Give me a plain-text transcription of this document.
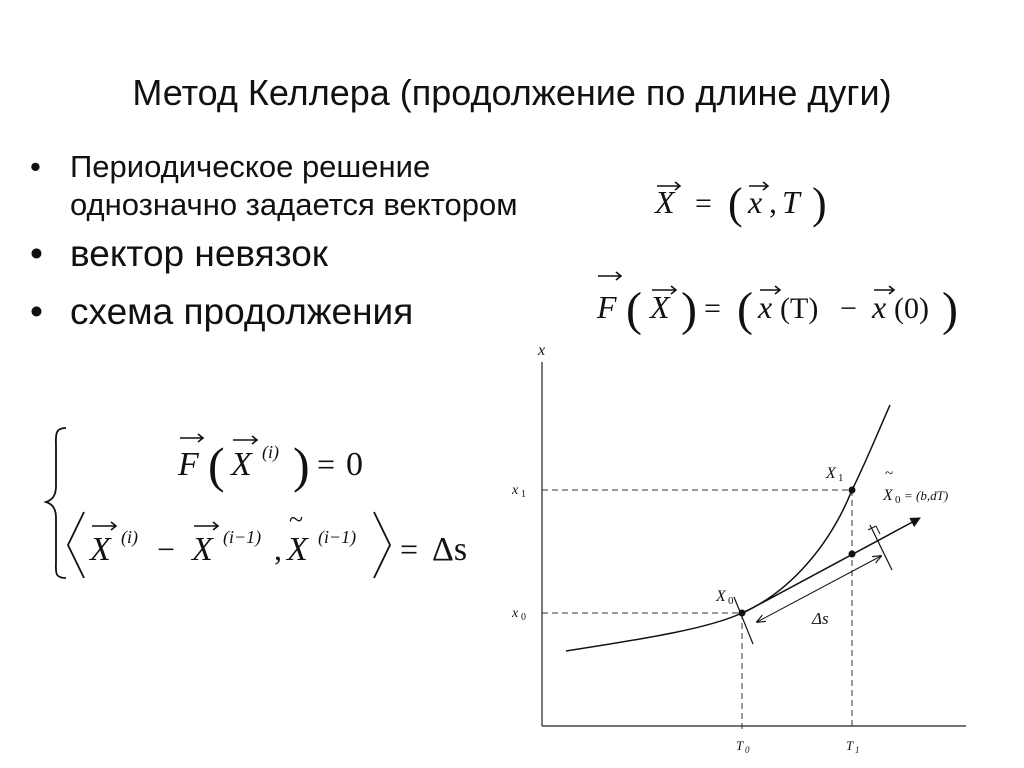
Метод Келлера (продолжение по длине дуги)
• Периодическое решение однозначно задается вектором
• вектор невязок
• схема продолжения
X = ( x , T )
F ( X ) = ( x (T) − x (0) )
F ( X (i) ) = 0
X (i) − X (i−1) ,
~
X (i−1) = Δs
x
x 1
x 0
T 0	T 1
X 1
X 0
~
X 0 = (b,dT)
Δs
